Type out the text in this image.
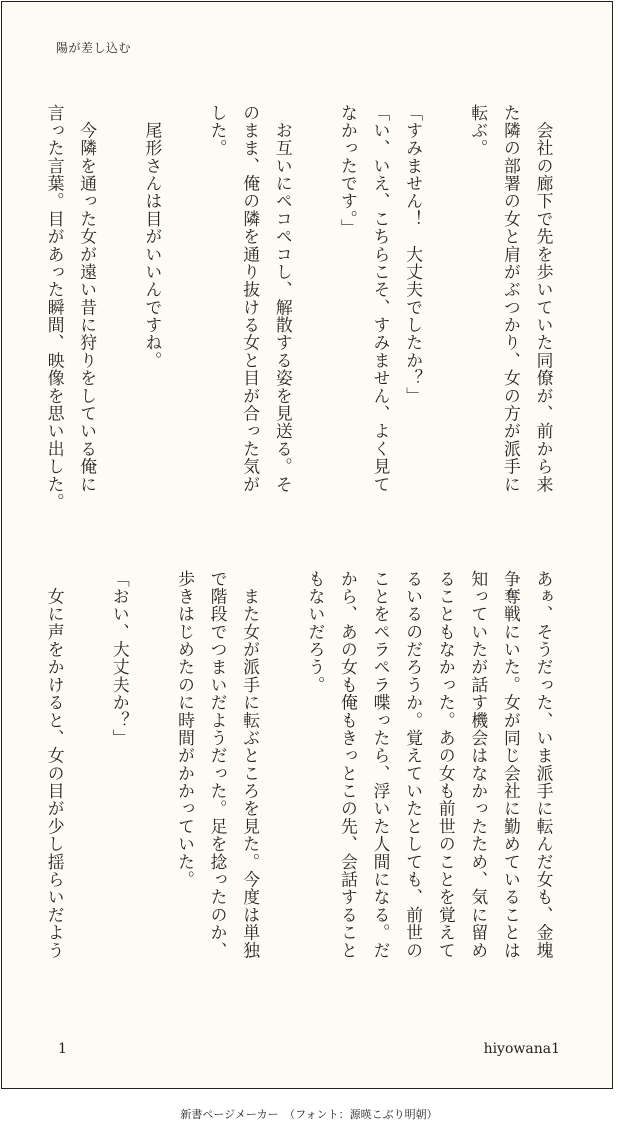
陽が差し込む
　会社の廊下で先を歩いていた同僚が、前から来
た隣の部署の女と肩がぶつかり、女の方が派手に
転ぶ。

「すみません！　大丈夫でしたか？」
「い、いえ、こちらこそ、すみません、よく見て
なかったです。」

　お互いにペコペコし、解散する姿を見送る。そ
のまま、俺の隣を通り抜ける女と目が合った気が
した。

　尾形さんは目がいいんですね。

　今隣を通った女が遠い昔に狩りをしている俺に
言った言葉。目があった瞬間、映像を思い出した。
あぁ、そうだった、いま派手に転んだ女も、金塊
争奪戦にいた。女が同じ会社に勤めていることは
知っていたが話す機会はなかったため、気に留め
ることもなかった。あの女も前世のことを覚えて
るいるのだろうか。覚えていたとしても、前世の
ことをペラペラ喋ったら、浮いた人間になる。だ
から、あの女も俺もきっとこの先、会話すること
もないだろう。

　また女が派手に転ぶところを見た。今度は単独
で階段でつまいだようだった。足を捻ったのか、
歩きはじめたのに時間がかかっていた。

「おい、大丈夫か？」

　女に声をかけると、女の目が少し揺らいだよう
1	hiyowana1
新書ページメーカー　（フォント：源暎こぶり明朝）
